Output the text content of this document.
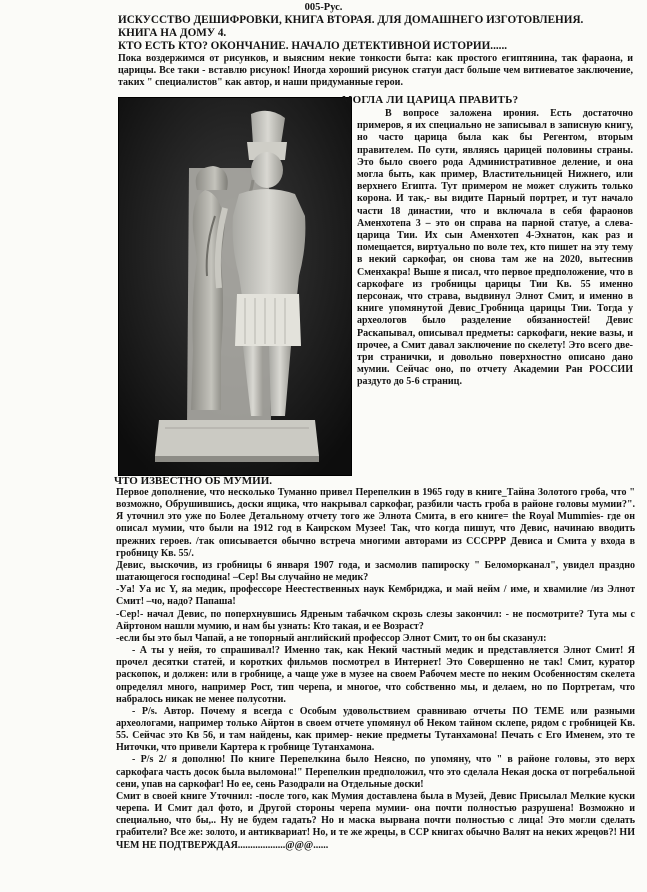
005-Рус.
ИСКУССТВО ДЕШИФРОВКИ, КНИГА ВТОРАЯ. ДЛЯ ДОМАШНЕГО ИЗГОТОВЛЕНИЯ.
КНИГА НА ДОМУ 4.
КТО ЕСТЬ КТО? ОКОНЧАНИЕ. НАЧАЛО ДЕТЕКТИВНОЙ ИСТОРИИ......

Пока воздержимся от рисунков, и выясним некие тонкости быта: как простого египтянина, так фараона, и царицы. Все таки - вставлю рисунок! Иногда хороший рисунок статуи даст больше чем витиеватое заключение, таких " специалистов" как автор, и наши придуманные герои.

МОГЛА ЛИ ЦАРИЦА ПРАВИТЬ?

В вопросе заложена ирония. Есть достаточно примеров, я их специально не записывал в записную книгу, но часто царица была как бы Регентом, вторым правителем. По сути, являясь царицей половины страны. Это было своего рода Административное деление, и она могла быть, как пример, Властительницей Нижнего, или верхнего Египта. Тут примером не может служить только корона. И так,- вы видите Парный портрет, и тут начало части 18 династии, что и включала в себя фараонов Аменхотепа 3 – это он справа на парной статуе, а слева-царица Тии. Их сын Аменхотеп 4-Эхнатон, как раз и помещается, виртуально по воле тех, кто пишет на эту тему в некий саркофаг, он снова там же на 2020, вытеснив Сменхакра! Выше я писал, что первое предположение, что в саркофаге из гробницы царицы Тии Кв. 55 именно персонаж, что страва, выдвинул Элнот Смит, и именно в книге упомянутой Девис_Гробница царицы Тии. Тогда у археологов было разделение обязанностей! Девис Раскапывал, описывал предметы: саркофаги, некие вазы, и прочее, а Смит давал заключение по скелету! Это всего две- три странички, и довольно поверхностно описано дано мумии. Сейчас оно, по отчету Академии Ран РОССИИ раздуто до 5-6 страниц.

ЧТО ИЗВЕСТНО ОБ МУМИИ.

Первое дополнение, что несколько Туманно привел Перепелкин в 1965 году в книге_Тайна Золотого гроба, что " возможно, Обрушившись, доски ящика, что накрывал саркофаг, разбили часть гроба в районе головы мумии?". Я уточнил это уже по Более Детальному отчету того же Элнота Смита, в его книге= the Royal Mummies- где он описал мумии, что были на 1912 год в Каирском Музее! Так, что когда пишут, что Девис, начинаю вводить прежних героев. /так описывается обычно встреча многими авторами из СССРРР Девиса и Смита у входа в гробницу Кв. 55/.

Девис, выскочив, из гробницы 6 января 1907 года, и засмолив папироску " Беломорканал", увидел праздно шатающегося господина! –Сер! Вы случайно не медик?

-Уа! Уа ис Y, яа медик, профессоре Неестественных наук Кембриджа, и май нейм / име, и хвамилие /из Элнот Смит! –чо, надо? Папаша!

-Сер!- начал Девис, по поперхнувшись Ядреным табачком скрозь слезы закончил: - не посмотрите? Тута мы с Айртоном нашли мумию, и нам бы узнать: Кто такая, и ее Возраст?

-если бы это был Чапай, а не топорный английский профессор Элнот Смит, то он бы сказанул:

- А ты у нейя, то спрашивал!? Именно так, как Некий частный медик и представляется Элнот Смит! Я прочел десятки статей, и коротких фильмов посмотрел в Интернет! Это Совершенно не так! Смит, куратор раскопок, и должен: или в гробнице, а чаще уже в музее на своем Рабочем месте по неким Особенностям скелета определял много, например Рост, тип черепа, и многое, что собственно мы, и делаем, но по Портретам, что набралось никак не менее полусотни.

- P/s. Автор. Почему я всегда с Особым удовольствием сравниваю отчеты ПО ТЕМЕ или разными археологами, например только Айртон в своем отчете упомянул об Неком тайном склепе, рядом с гробницей Кв. 55. Сейчас это Кв 56, и там найдены, как пример- некие предметы Тутанхамона! Печать с Его Именем, это те Ниточки, что привели Картера к гробнице Тутанхамона.

- P/s 2/ я дополню! По книге Перепелкина было Неясно, по упомяну, что " в районе головы, это верх саркофага часть досок была выломона!" Перепелкин предположил, что это сделала Некая доска от погребальной сени, упав на саркофаг! Но ее, сень Разодрали на Отдельные доски!

Смит в своей книге Уточнил: -после того, как Мумия доставлена была в Музей, Девис Присылал Мелкие куски черепа. И Смит дал фото, и Другой стороны черепа мумии- она почти полностью разрушена! Возможно и специально, что бы,.. Ну не будем гадать? Но и маска вырвана почти полностью с лица! Это могли сделать грабители? Все же: золото, и антиквариат! Но, и те же жрецы, в ССР книгах обычно Валят на неких жрецов?! НИ ЧЕМ НЕ ПОДТВЕРЖДАЯ...................@@@......
